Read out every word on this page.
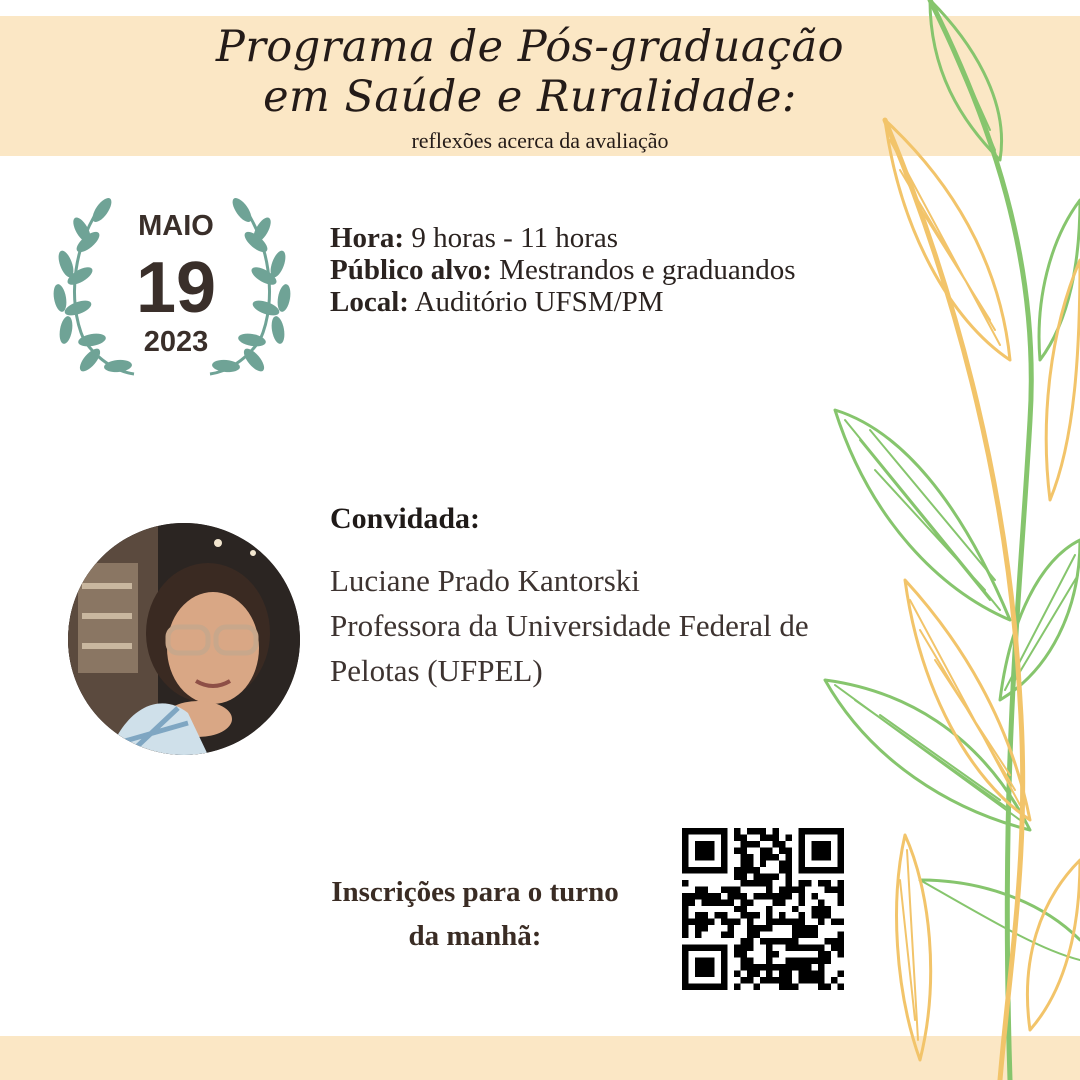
Programa de Pós-graduação
em Saúde e Ruralidade:
reflexões acerca da avaliação
MAIO
19
2023
Hora: 9 horas - 11 horas
Público alvo: Mestrandos e graduandos
Local: Auditório UFSM/PM
Convidada:
Luciane Prado Kantorski
Professora da Universidade Federal de
Pelotas (UFPEL)
Inscrições para o turno
da manhã:
